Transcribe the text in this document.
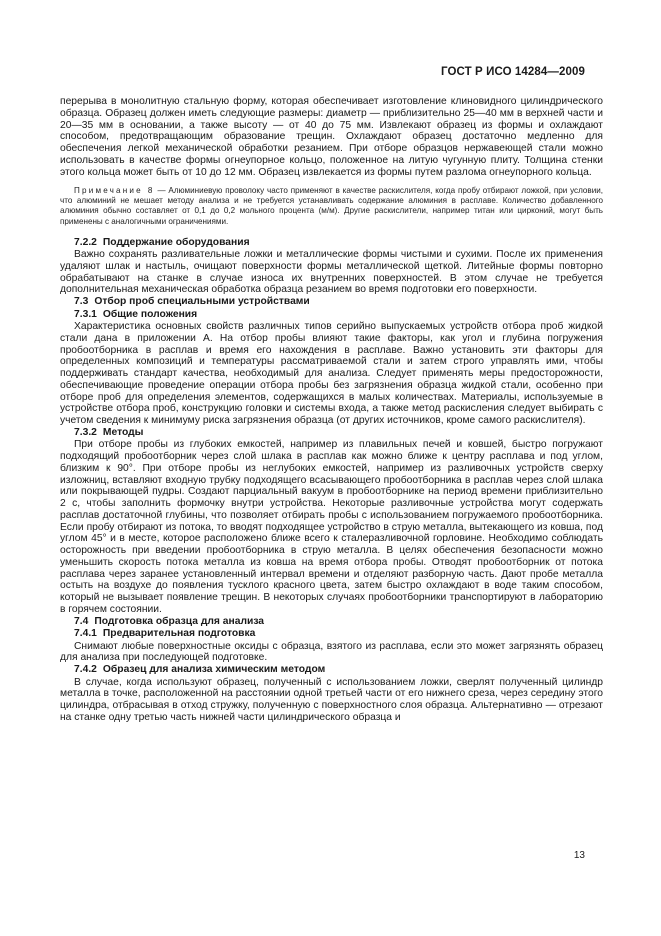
ГОСТ Р ИСО 14284—2009

перерыва в монолитную стальную форму, которая обеспечивает изготовление клиновидного цилиндрического образца. Образец должен иметь следующие размеры: диаметр — приблизительно 25—40 мм в верхней части и 20—35 мм в основании, а также высоту — от 40 до 75 мм. Извлекают образец из формы и охлаждают способом, предотвращающим образование трещин. Охлаждают образец достаточно медленно для обеспечения легкой механической обработки резанием. При отборе образцов нержавеющей стали можно использовать в качестве формы огнеупорное кольцо, положенное на литую чугунную плиту. Толщина стенки этого кольца может быть от 10 до 12 мм. Образец извлекается из формы путем разлома огнеупорного кольца.

Примечание 8 — Алюминиевую проволоку часто применяют в качестве раскислителя, когда пробу отбирают ложкой, при условии, что алюминий не мешает методу анализа и не требуется устанавливать содержание алюминия в расплаве. Количество добавленного алюминия обычно составляет от 0,1 до 0,2 мольного процента (м/м). Другие раскислители, например титан или цирконий, могут быть применены с аналогичными ограничениями.
7.2.2 Поддержание оборудования

Важно сохранять разливательные ложки и металлические формы чистыми и сухими. После их применения удаляют шлак и настыль, очищают поверхности формы металлической щеткой. Литейные формы повторно обрабатывают на станке в случае износа их внутренних поверхностей. В этом случае не требуется дополнительная механическая обработка образца резанием во время подготовки его поверхности.

7.3 Отбор проб специальными устройствами
7.3.1 Общие положения

Характеристика основных свойств различных типов серийно выпускаемых устройств отбора проб жидкой стали дана в приложении А. На отбор пробы влияют такие факторы, как угол и глубина погружения пробоотборника в расплав и время его нахождения в расплаве. Важно установить эти факторы для определенных композиций и температуры рассматриваемой стали и затем строго управлять ими, чтобы поддерживать стандарт качества, необходимый для анализа. Следует применять меры предосторожности, обеспечивающие проведение операции отбора пробы без загрязнения образца жидкой стали, особенно при отборе проб для определения элементов, содержащихся в малых количествах. Материалы, используемые в устройстве отбора проб, конструкцию головки и системы входа, а также метод раскисления следует выбирать с учетом сведения к минимуму риска загрязнения образца (от других источников, кроме самого раскислителя).

7.3.2 Методы

При отборе пробы из глубоких емкостей, например из плавильных печей и ковшей, быстро погружают подходящий пробоотборник через слой шлака в расплав как можно ближе к центру расплава и под углом, близким к 90°. При отборе пробы из неглубоких емкостей, например из разливочных устройств сверху изложниц, вставляют входную трубку подходящего всасывающего пробоотборника в расплав через слой шлака или покрывающей пудры. Создают парциальный вакуум в пробоотборнике на период времени приблизительно 2 с, чтобы заполнить формочку внутри устройства. Некоторые разливочные устройства могут содержать расплав достаточной глубины, что позволяет отбирать пробы с использованием погружаемого пробоотборника. Если пробу отбирают из потока, то вводят подходящее устройство в струю металла, вытекающего из ковша, под углом 45° и в месте, которое расположено ближе всего к сталеразливочной горловине. Необходимо соблюдать осторожность при введении пробоотборника в струю металла. В целях обеспечения безопасности можно уменьшить скорость потока металла из ковша на время отбора пробы. Отводят пробоотборник от потока расплава через заранее установленный интервал времени и отделяют разборную часть. Дают пробе металла остыть на воздухе до появления тусклого красного цвета, затем быстро охлаждают в воде таким способом, который не вызывает появление трещин. В некоторых случаях пробоотборники транспортируют в лабораторию в горячем состоянии.

7.4 Подготовка образца для анализа
7.4.1 Предварительная подготовка

Снимают любые поверхностные оксиды с образца, взятого из расплава, если это может загрязнять образец для анализа при последующей подготовке.

7.4.2 Образец для анализа химическим методом

В случае, когда используют образец, полученный с использованием ложки, сверлят полученный цилиндр металла в точке, расположенной на расстоянии одной третьей части от его нижнего среза, через середину этого цилиндра, отбрасывая в отход стружку, полученную с поверхностного слоя образца. Альтернативно — отрезают на станке одну третью часть нижней части цилиндрического образца и

13
